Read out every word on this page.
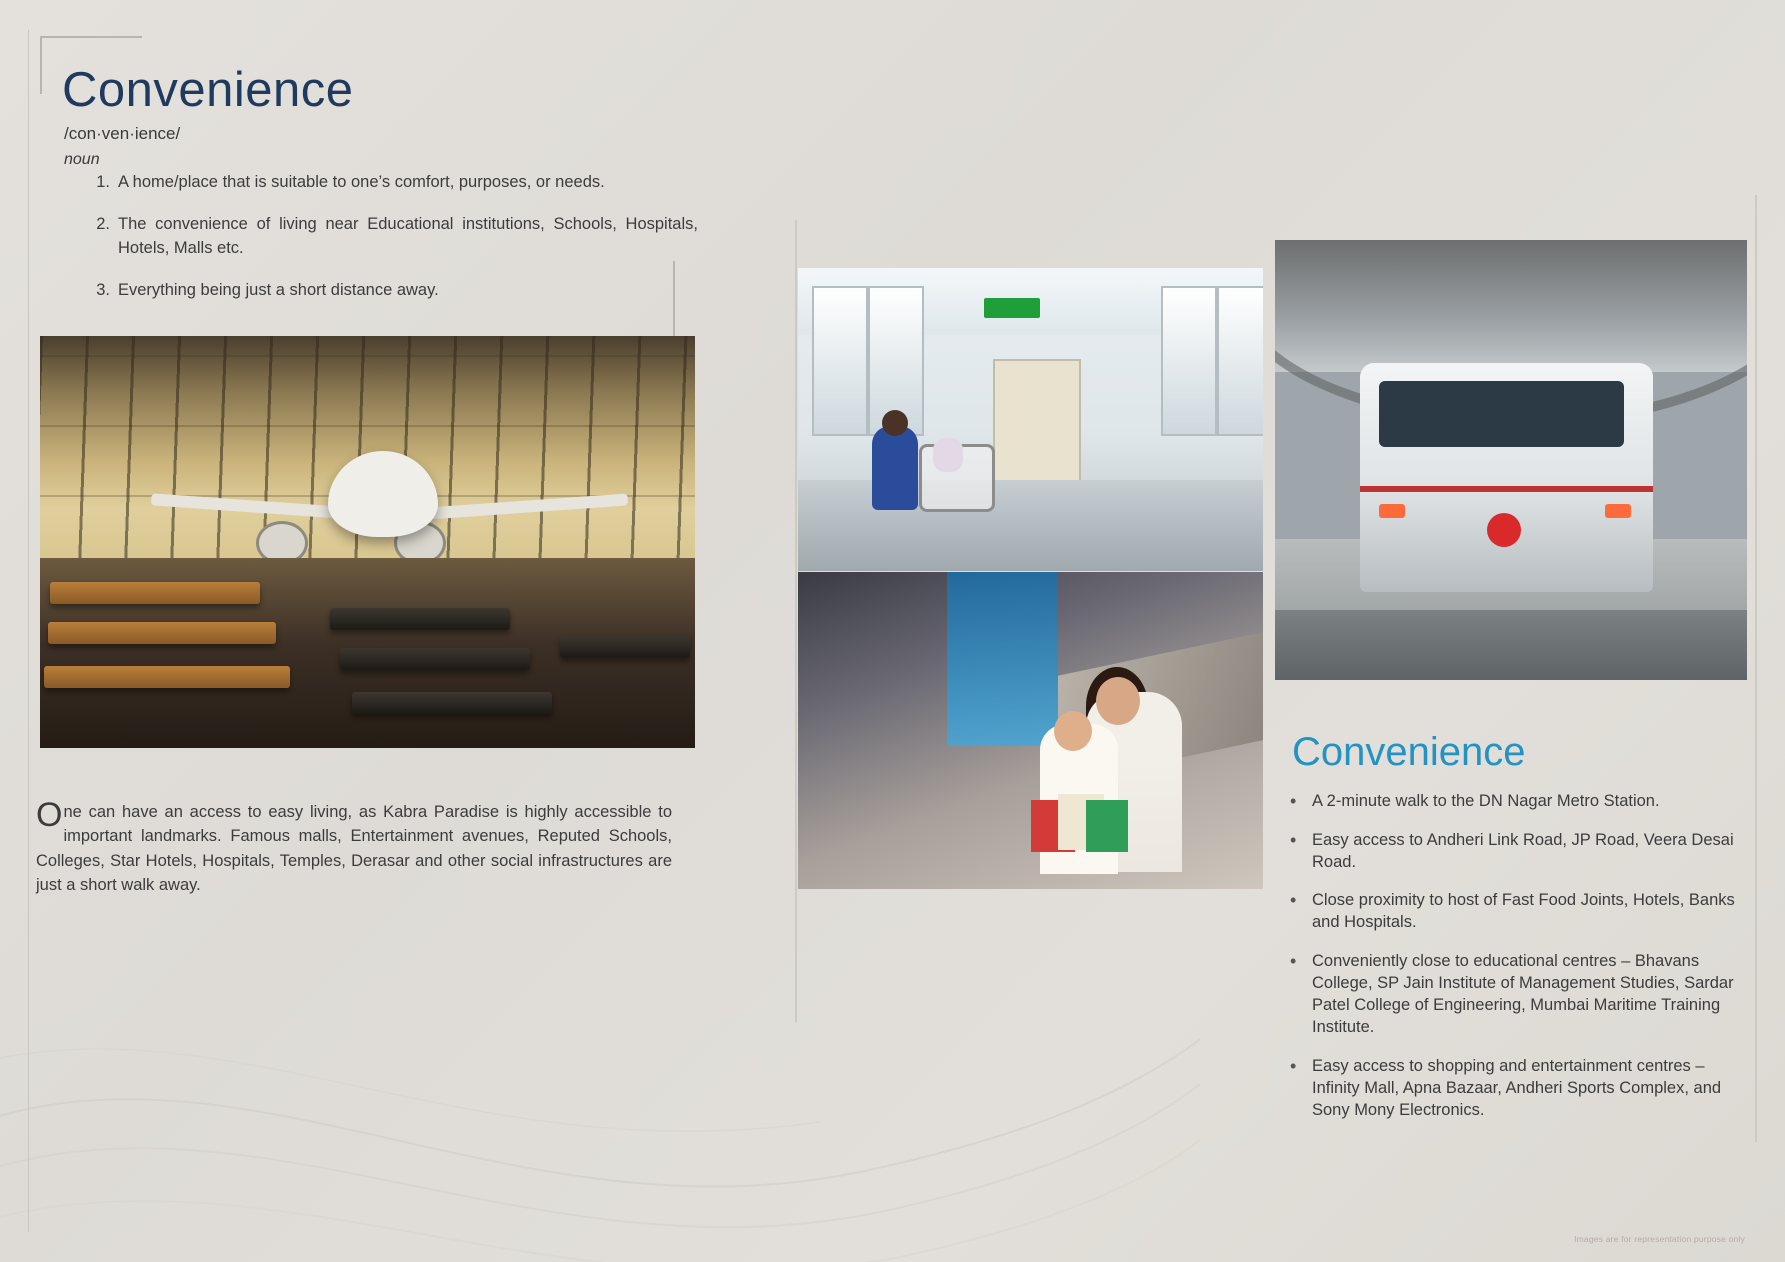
Convenience
/con·ven·ience/
noun
1. A home/place that is suitable to one’s comfort, purposes, or needs.
2. The convenience of living near Educational institutions, Schools, Hospitals, Hotels, Malls etc.
3. Everything being just a short distance away.
One can have an access to easy living, as Kabra Paradise is highly accessible to important landmarks. Famous malls, Entertainment avenues, Reputed Schools, Colleges, Star Hotels, Hospitals, Temples, Derasar and other social infrastructures are just a short walk away.
Convenience
• A 2-minute walk to the DN Nagar Metro Station.
• Easy access to Andheri Link Road, JP Road, Veera Desai Road.
• Close proximity to host of Fast Food Joints, Hotels, Banks and Hospitals.
• Conveniently close to educational centres – Bhavans College, SP Jain Institute of Management Studies, Sardar Patel College of Engineering, Mumbai Maritime Training Institute.
• Easy access to shopping and entertainment centres – Infinity Mall, Apna Bazaar, Andheri Sports Complex, and Sony Mony Electronics.
Images are for representation purpose only
